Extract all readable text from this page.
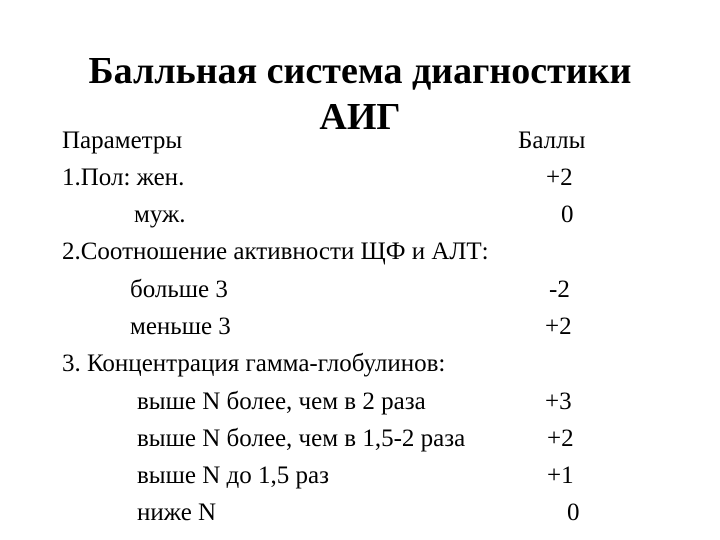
Балльная система диагностики
АИГ
Параметры	Баллы
1.Пол: жен.	+2
муж.	0
2.Соотношение активности ЩФ и АЛТ:
больше 3	-2
меньше 3	+2
3. Концентрация гамма-глобулинов:
выше N более, чем в 2 раза	+3
выше N более, чем в 1,5-2 раза	+2
выше N до 1,5 раз	+1
ниже N	0
